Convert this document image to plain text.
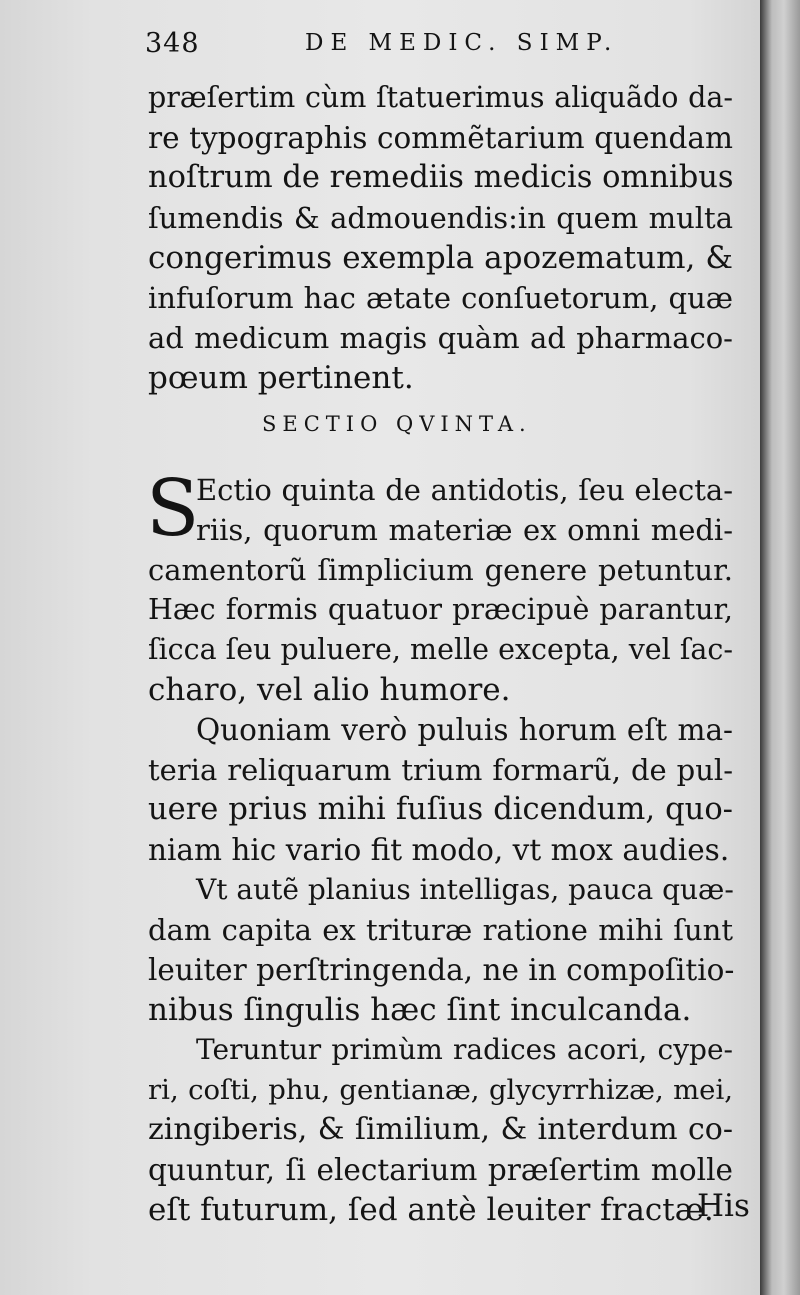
348	DE MEDIC. SIMP.
præſertim cùm ſtatuerimus aliquãdo da-
re typographis commẽtarium quendam
noſtrum de remediis medicis omnibus
ſumendis & admouendis:in quem multa
congerimus exempla apozematum, &
infuſorum hac ætate conſuetorum, quæ
ad medicum magis quàm ad pharmaco-
pœum pertinent.
SECTIO QVINTA.
S
Ectio quinta de antidotis, ſeu electa-
riis, quorum materiæ ex omni medi-
camentorũ ſimplicium genere petuntur.
Hæc formis quatuor præcipuè parantur,
ſicca ſeu puluere, melle excepta, vel ſac-
charo, vel alio humore.
Quoniam verò puluis horum eſt ma-
teria reliquarum trium formarũ, de pul-
uere prius mihi fuſius dicendum, quo-
niam hic vario fit modo, vt mox audies.
Vt autẽ planius intelligas, pauca quæ-
dam capita ex trituræ ratione mihi ſunt
leuiter perſtringenda, ne in compoſitio-
nibus ſingulis hæc ſint inculcanda.
Teruntur primùm radices acori, cype-
ri, coſti, phu, gentianæ, glycyrrhizæ, mei,
zingiberis, & ſimilium, & interdum co-
quuntur, ſi electarium præſertim molle
eſt futurum, ſed antè leuiter fractæ.
His
